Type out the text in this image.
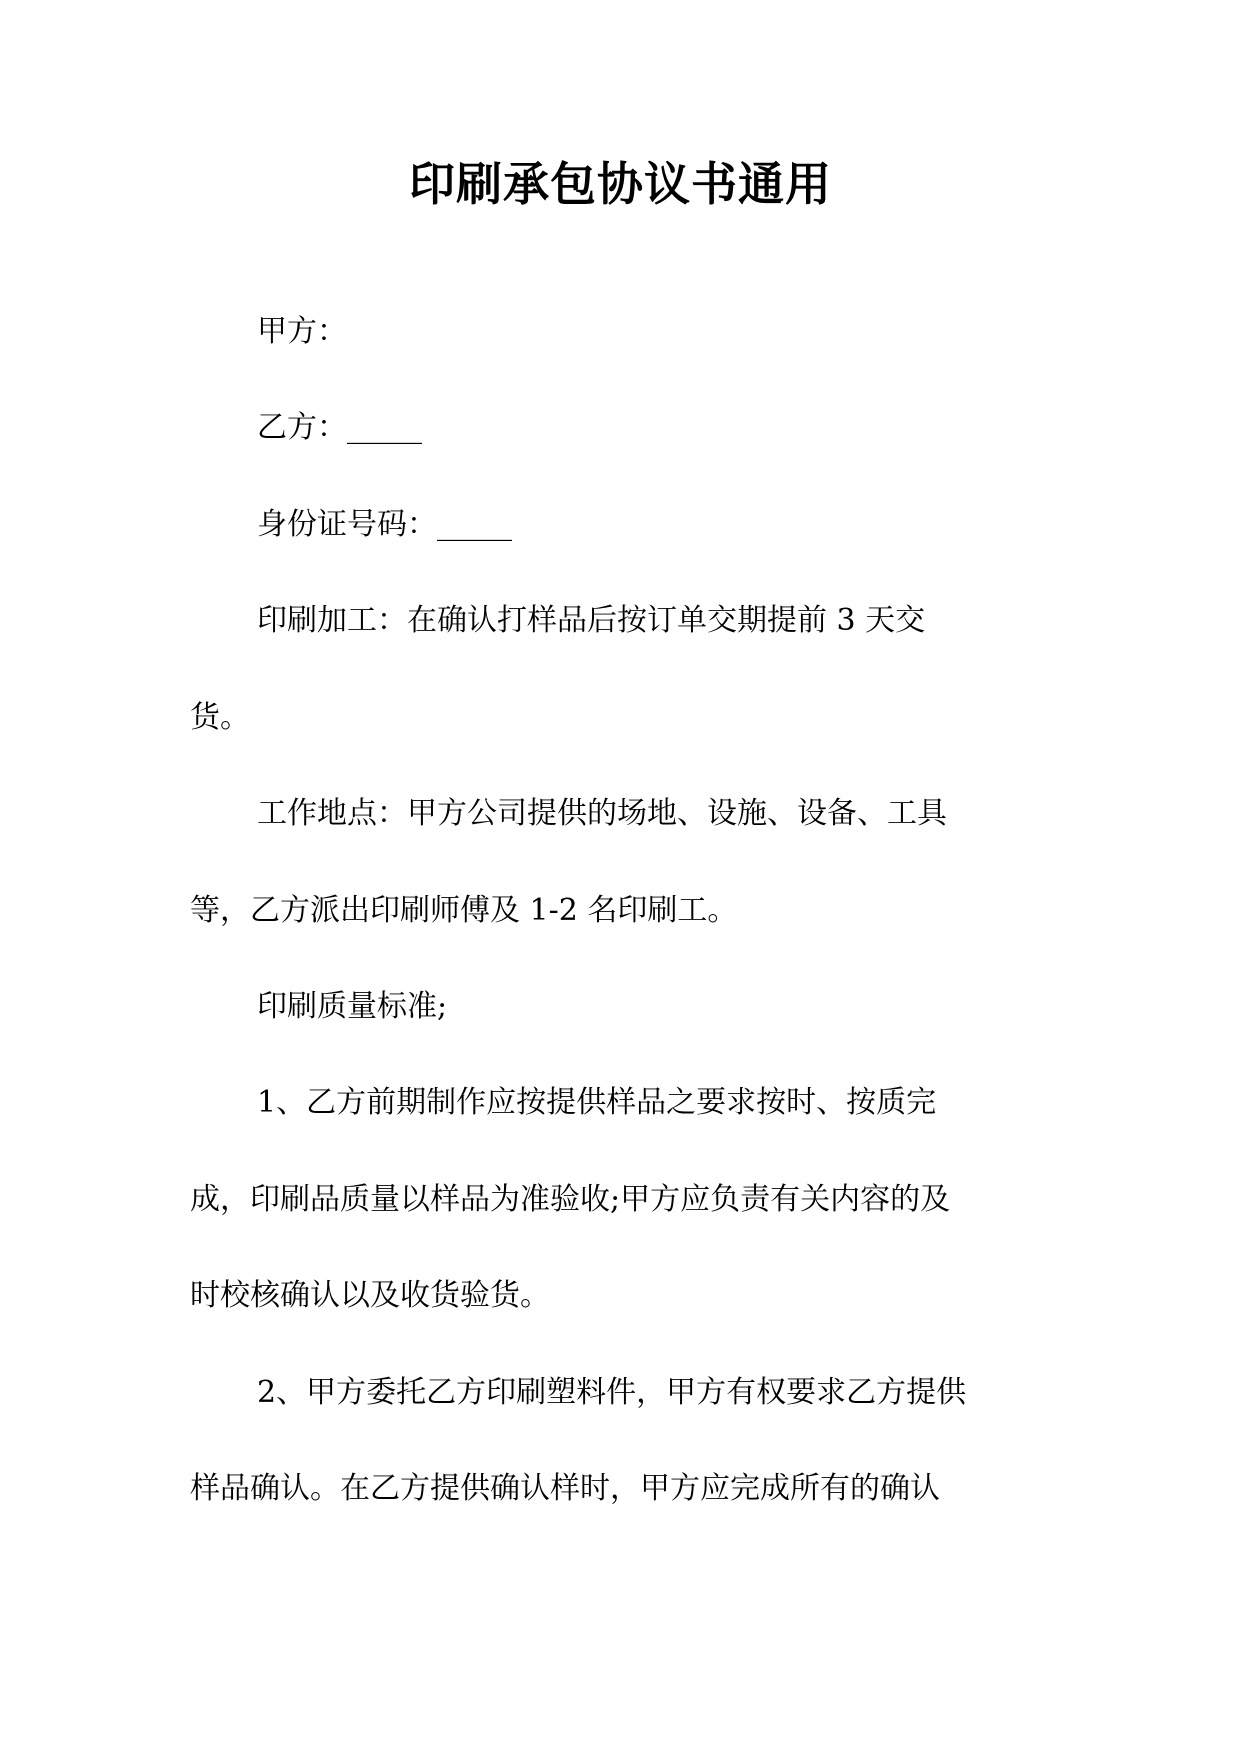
印刷承包协议书通用

甲方：

乙方：_____

身份证号码：_____

印刷加工：在确认打样品后按订单交期提前 3 天交

货。

工作地点：甲方公司提供的场地、设施、设备、工具

等，乙方派出印刷师傅及 1-2 名印刷工。

印刷质量标准;

1、乙方前期制作应按提供样品之要求按时、按质完

成，印刷品质量以样品为准验收;甲方应负责有关内容的及

时校核确认以及收货验货。

2、甲方委托乙方印刷塑料件，甲方有权要求乙方提供

样品确认。在乙方提供确认样时，甲方应完成所有的确认
